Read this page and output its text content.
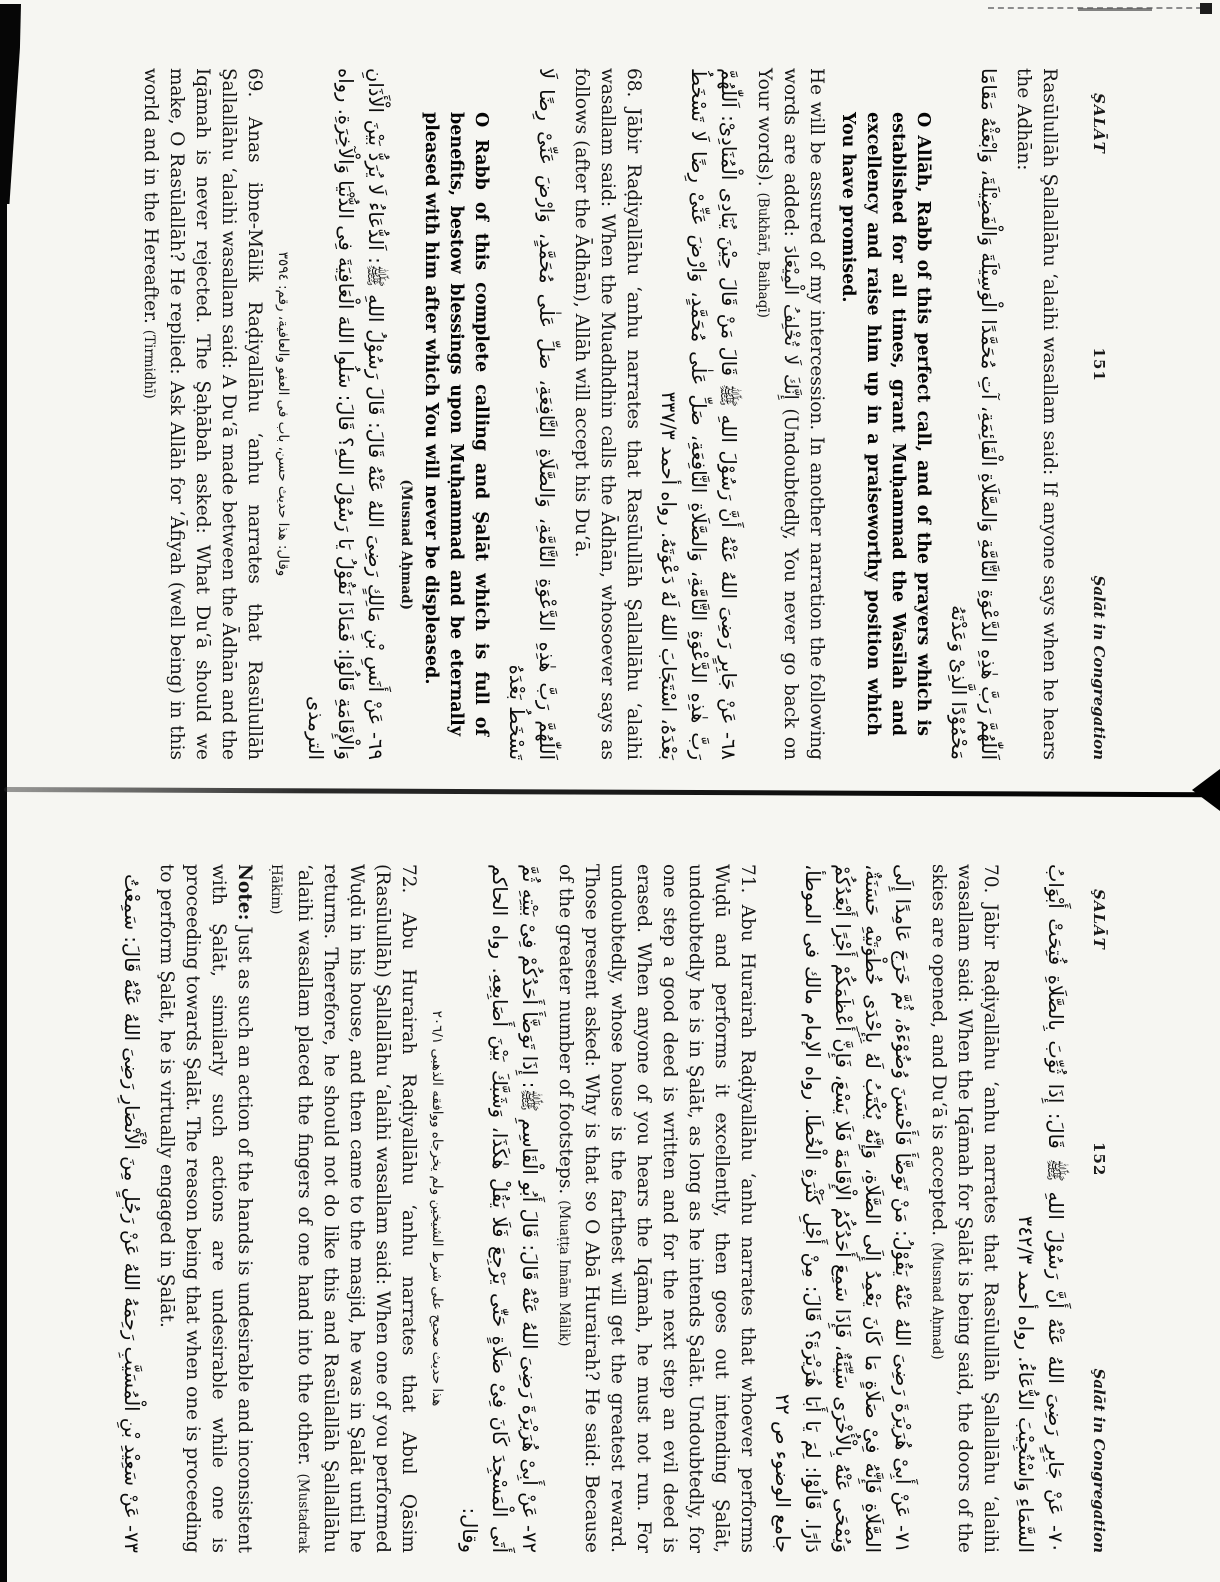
ŞALĀT
151
Şalāt in Congregation

Rasūlullāh Şallallāhu ‘alaihi wasallam said: If anyone says when he hears the Adhān:

اَللّٰهُمَّ رَبَّ هٰذِهِ الدَّعْوَةِ التَّامَّةِ وَالصَّلَاةِ الْقَائِمَةِ، آتِ مُحَمَّدًا الْوَسِيْلَةَ وَالْفَضِيْلَةَ، وَابْعَثْهُ مَقَامًا مَحْمُوْدًا الَّذِىْ وَعَدْتَهُ

O Allāh, Rabb of this perfect call, and of the prayers which is established for all times, grant Muḥammad the Wasīlah and excellency and raise him up in a praiseworthy position which You have promised.

He will be assured of my intercession. In another narration the following words are added: إِنَّكَ لَا تُخْلِفُ الْمِيْعَادَ (Undoubtedly, You never go back on Your words). (Bukhārī, Baihaqī)

٦٨- عَنْ جَابِرٍ رَضِىَ اللهُ عَنْهُ أَنَّ رَسُوْلَ اللهِ ﷺ قَالَ مَنْ قَالَ حِيْنَ يُنَادِى الْمُنَادِىْ: اَللّٰهُمَّ رَبَّ هٰذِهِ الدَّعْوَةِ التَّامَّةِ، وَالصَّلَاةِ النَّافِعَةِ، صَلِّ عَلٰى مُحَمَّدٍ، وَارْضَ عَنِّىْ رِضًا لَا تَسْخَطُ بَعْدَهُ، اسْتَجَابَ اللهُ لَهُ دَعْوَتَهُ. رواه أحمد ٣٣٧/٣

68. Jābir Raḍiyallāhu ‘anhu narrates that Rasūlullāh Şallallāhu ‘alaihi wasallam said: When the Muadhdhin calls the Ādhān, whosoever says as follows (after the Ādhān), Allāh will accept his Du‘ā.

اَللّٰهُمَّ رَبَّ هٰذِهِ الدَّعْوَةِ التَّامَّةِ، وَالصَّلَاةِ النَّافِعَةِ، صَلِّ عَلٰى مُحَمَّدٍ، وَارْضَ عَنِّىْ رِضًا لَا تَسْخَطُ بَعْدَهُ

O Rabb of this complete calling and Şalāt which is full of benefits, bestow blessings upon Muḥammad and be eternally pleased with him after which You will never be displeased.

(Musnad Aḥmad)

٦٩- عَنْ أَنَسِ بْنِ مَالِكٍ رَضِىَ اللهُ عَنْهُ قَالَ: قَالَ رَسُوْلُ اللهِ ﷺ: اَلدُّعَاءُ لَا يُرَدُّ بَيْنَ الْأَذَانِ وَالْإِقَامَةِ قَالُوْا: فَمَاذَا نَقُوْلُ يَا رَسُوْلَ اللهِ؟ قَالَ: سَلُوا اللهَ الْعَافِيَةَ فِى الدُّنْيَا وَالْآخِرَةِ. رواه الترمذى

وقال: هذا حديث حسن، باب فى العفو والعافية، رقم: ٣٥٩٤

69. Anas ibne-Mālik Raḍiyallāhu ‘anhu narrates that Rasūlullāh Şallallāhu ‘alaihi wasallam said: A Du‘ā made between the Ādhān and the Iqāmah is never rejected. The Şaḥābah asked: What Du‘ā should we make, O Rasūlallāh? He replied: Ask Allāh for ‘Āfiyah (well being) in this world and in the Hereafter. (Tirmidhī)

ŞALĀT
152
Şalāt in Congregation

٧٠- عَنْ جَابِرٍ رَضِىَ اللهُ عَنْهُ أَنَّ رَسُوْلَ اللهِ ﷺ قَالَ: إِذَا ثُوِّبَ بِالصَّلَاةِ فُتِحَتْ أَبْوَابُ السَّمَاءِ وَاسْتُجِيْبَ الدُّعَاءُ. رواه أحمد ٣٤٢/٣

70. Jābir Raḍiyallāhu ‘anhu narrates that Rasūlullāh Şallallāhu ‘alaihi wasallam said: When the Iqāmah for Şalāt is being said, the doors of the skies are opened, and Du‘ā is accepted. (Musnad Aḥmad)

٧١- عَنْ أَبِىْ هُرَيْرَةَ رَضِىَ اللهُ عَنْهُ يَقُوْلُ: مَنْ تَوَضَّأَ فَأَحْسَنَ وُضُوْءَهُ، ثُمَّ خَرَجَ عَامِدًا إِلَى الصَّلَاةِ فَإِنَّهُ فِىْ صَلَاةٍ مَا كَانَ يَعْمِدُ إِلَى الصَّلَاةِ، وَإِنَّهُ يُكْتَبُ لَهُ بِإِحْدَى خُطْوَتَيْهِ حَسَنَةٌ، وَيُمْحَى عَنْهُ بِالْأُخْرَى سَيِّئَةٌ، فَإِذَا سَمِعَ أَحَدُكُمُ الْإِقَامَةَ فَلَا يَسْعَ، فَإِنَّ أَعْظَمَكُمْ أَجْرًا أَبْعَدُكُمْ دَارًا. قَالُوْا: لِمَ يَا أَبَا هُرَيْرَةَ؟ قَالَ: مِنْ أَجْلِ كَثْرَةِ الْخُطَا. رواه الإمام مالك فى الموطأ، جامع الوضوء ص ٢٢

71. Abu Hurairah Raḍiyallāhu ‘anhu narrates that whoever performs Wuḍū and performs it excellently, then goes out intending Şalāt, undoubtedly he is in Şalāt, as long as he intends Şalāt. Undoubtedly, for one step a good deed is written and for the next step an evil deed is erased. When anyone of you hears the Iqāmah, he must not run. For undoubtedly, whose house is the farthest will get the greatest reward. Those present asked: Why is that so O Abā Hurairah? He said: Because of the greater number of footsteps. (Muaṭṭa Imām Mālik)

٧٢- عَنْ أَبِىْ هُرَيْرَةَ رَضِىَ اللهُ عَنْهُ قَالَ: قَالَ أَبُو الْقَاسِمِ ﷺ: إِذَا تَوَضَّأَ أَحَدُكُمْ فِىْ بَيْتِهِ ثُمَّ أَتَى الْمَسْجِدَ كَانَ فِىْ صَلَاةٍ حَتّٰى يَرْجِعَ فَلَا يَقُلْ هٰكَذَا، وَشَبَّكَ بَيْنَ أَصَابِعِهِ. رواه الحاكم وقال:

هذا حديث صحيح على شرط الشيخين ولم يخرجاه ووافقه الذهبى ٢٠٦/١

72. Abu Hurairah Raḍiyallāhu ‘anhu narrates that Abul Qāsim (Rasūlullāh) Şallallāhu ‘alaihi wasallam said: When one of you performed Wuḍū in his house, and then came to the masjid, he was in Şalāt until he returns. Therefore, he should not do like this and Rasūlallāh Şallallāhu ‘alaihi wasallam placed the fingers of one hand into the other. (Mustadrak Ḥākim)

Note: Just as such an action of the hands is undesirable and inconsistent with Şalāt, similarly such actions are undesirable while one is proceeding towards Şalāt. The reason being that when one is proceeding to perform Şalāt, he is virtually engaged in Şalāt.

٧٣- عَنْ سَعِيْدِ بْنِ الْمُسَيَّبِ رَحِمَهُ اللهُ عَنْ رَجُلٍ مِنَ الْأَنْصَارِ رَضِىَ اللهُ عَنْهُ قَالَ: سَمِعْتُ
